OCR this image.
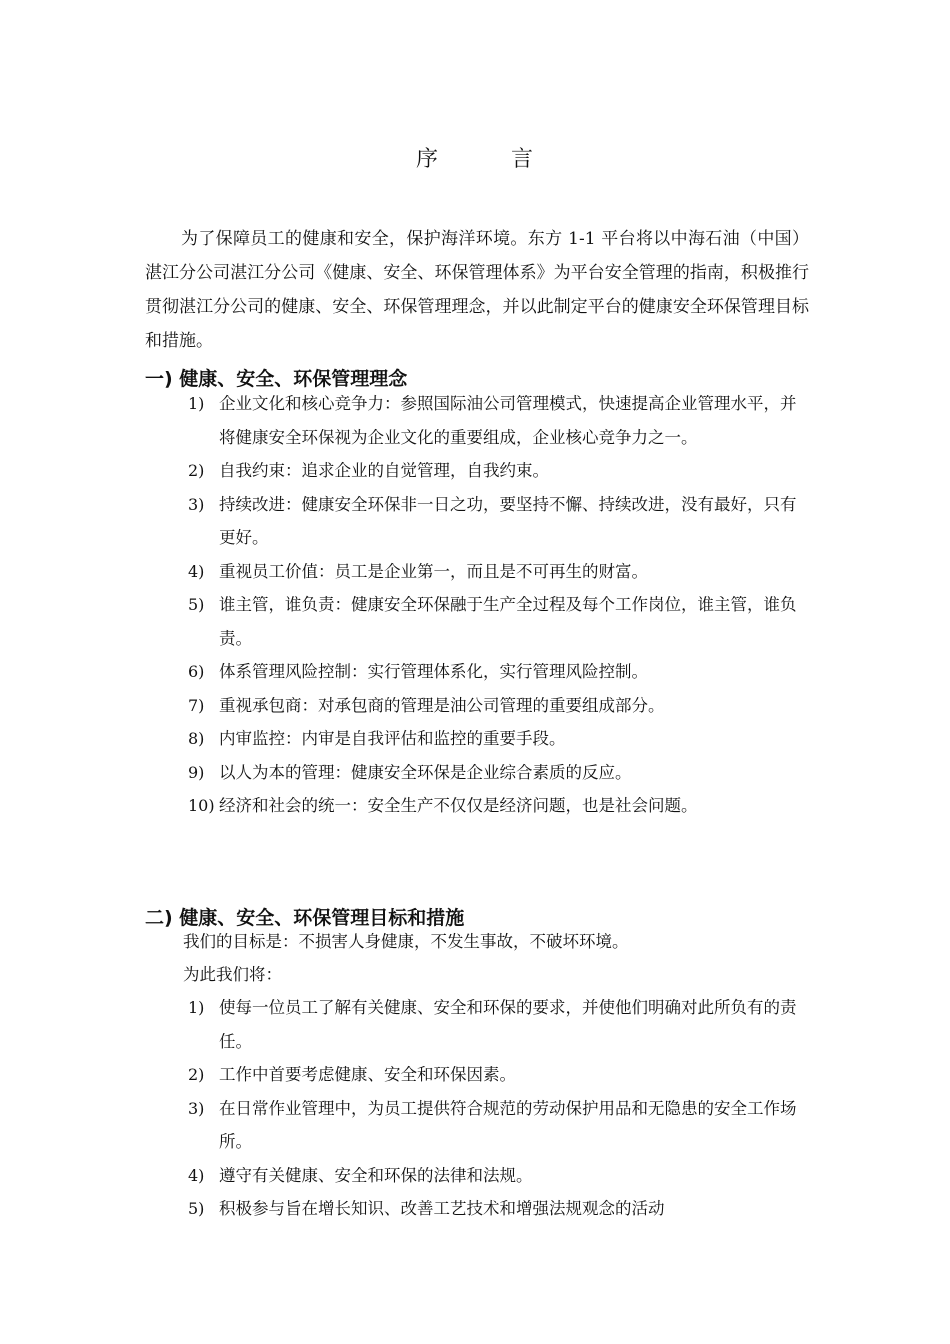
序	言
为了保障员工的健康和安全，保护海洋环境。东方 1-1 平台将以中海石油（中国）湛江分公司湛江分公司《健康、安全、环保管理体系》为平台安全管理的指南，积极推行贯彻湛江分公司的健康、安全、环保管理理念，并以此制定平台的健康安全环保管理目标和措施。
一) 健康、安全、环保管理理念
1) 企业文化和核心竞争力：参照国际油公司管理模式，快速提高企业管理水平，并将健康安全环保视为企业文化的重要组成，企业核心竞争力之一。
2) 自我约束：追求企业的自觉管理，自我约束。
3) 持续改进：健康安全环保非一日之功，要坚持不懈、持续改进，没有最好，只有更好。
4) 重视员工价值：员工是企业第一，而且是不可再生的财富。
5) 谁主管，谁负责：健康安全环保融于生产全过程及每个工作岗位，谁主管，谁负责。
6) 体系管理风险控制：实行管理体系化，实行管理风险控制。
7) 重视承包商：对承包商的管理是油公司管理的重要组成部分。
8) 内审监控：内审是自我评估和监控的重要手段。
9) 以人为本的管理：健康安全环保是企业综合素质的反应。
10) 经济和社会的统一：安全生产不仅仅是经济问题，也是社会问题。
二) 健康、安全、环保管理目标和措施
我们的目标是：不损害人身健康，不发生事故，不破坏环境。
为此我们将：
1) 使每一位员工了解有关健康、安全和环保的要求，并使他们明确对此所负有的责任。
2) 工作中首要考虑健康、安全和环保因素。
3) 在日常作业管理中，为员工提供符合规范的劳动保护用品和无隐患的安全工作场所。
4) 遵守有关健康、安全和环保的法律和法规。
5) 积极参与旨在增长知识、改善工艺技术和增强法规观念的活动
